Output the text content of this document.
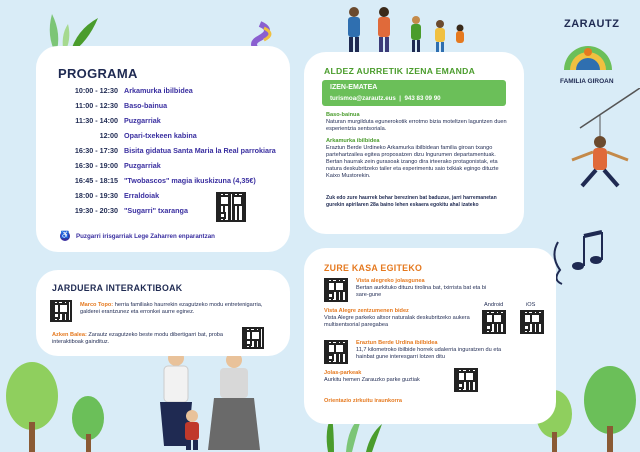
ZARAUTZ
FAMILIA GIROAN
PROGRAMA
10:00 - 12:30 Arkamurka ibilbidea
11:00 - 12:30 Baso-bainua
11:30 - 14:00 Puzgarriak
12:00 Opari-txekeen kabina
16:30 - 17:30 Bisita gidatua Santa Maria la Real parrokiara
16:30 - 19:00 Puzgarriak
16:45 - 18:15 "Twobascos" magia ikuskizuna (4,35€)
18:00 - 19:30 Erraldoiak
19:30 - 20:30 "Sugarri" txaranga
♿ Puzgarri irisgarriak Lege Zaharren enparantzan
JARDUERA INTERAKTIBOAK
Marco Topo: herria familiako haurrekin ezagutzeko modu entretenigarria, galderei erantzunez eta erronkei aurre eginez.
Azken Balea: Zarautz ezagutzeko beste modu dibertigarri bat, proba interaktiboak gaindituz.
ALDEZ AURRETIK IZENA EMANDA
IZEN-EMATEA
turismoa@zarautz.eus  |  943 83 09 90
Baso-bainua
Naturan murgilduta egunerokotik errotmo bizia moteltzen laguntzen duen esperientzia sentsoriala.
Arkamurka ibilbidea
Eraztun Berde Urdineko Arkamurka ibilbidean familia giroan txango partehartzailea egitea proposatzen dizu Ingurumen departamentuak. Bertan haurrak zein gurasoak izango dira irteerako protagonistak, eta natura deskubritzeko tailer eta esperimentu saio txikiak egingo dituzte Kaixo Mustorekin.
Zuk edo zure haurrek behar berezinen bat baduzue, jarri harremanetan gurekin apirilaren 28a baino lehen eskaera egokitu ahal izateko
ZURE KASA EGITEKO
Vista alegreko jolasgunea
Bertan aurkituko dituzu tirolina bat, txirrista bat eta bi sare-gune
Android	iOS
Vista Alegre zentzumenen bidez
Vista Alegre parkeko altxor naturalak deskubritzeko aukera multisentsorial paregabea
Eraztun Berde Urdina ibilbidea
11,7 kilometroko ibilbide horrek udalerria inguratzen du eta hainbat gune interesgarri lotzen ditu
Jolas-parkeak
Aurkitu hemen Zarauzko parke guztiak
Orientazio zirkuitu iraunkorra
